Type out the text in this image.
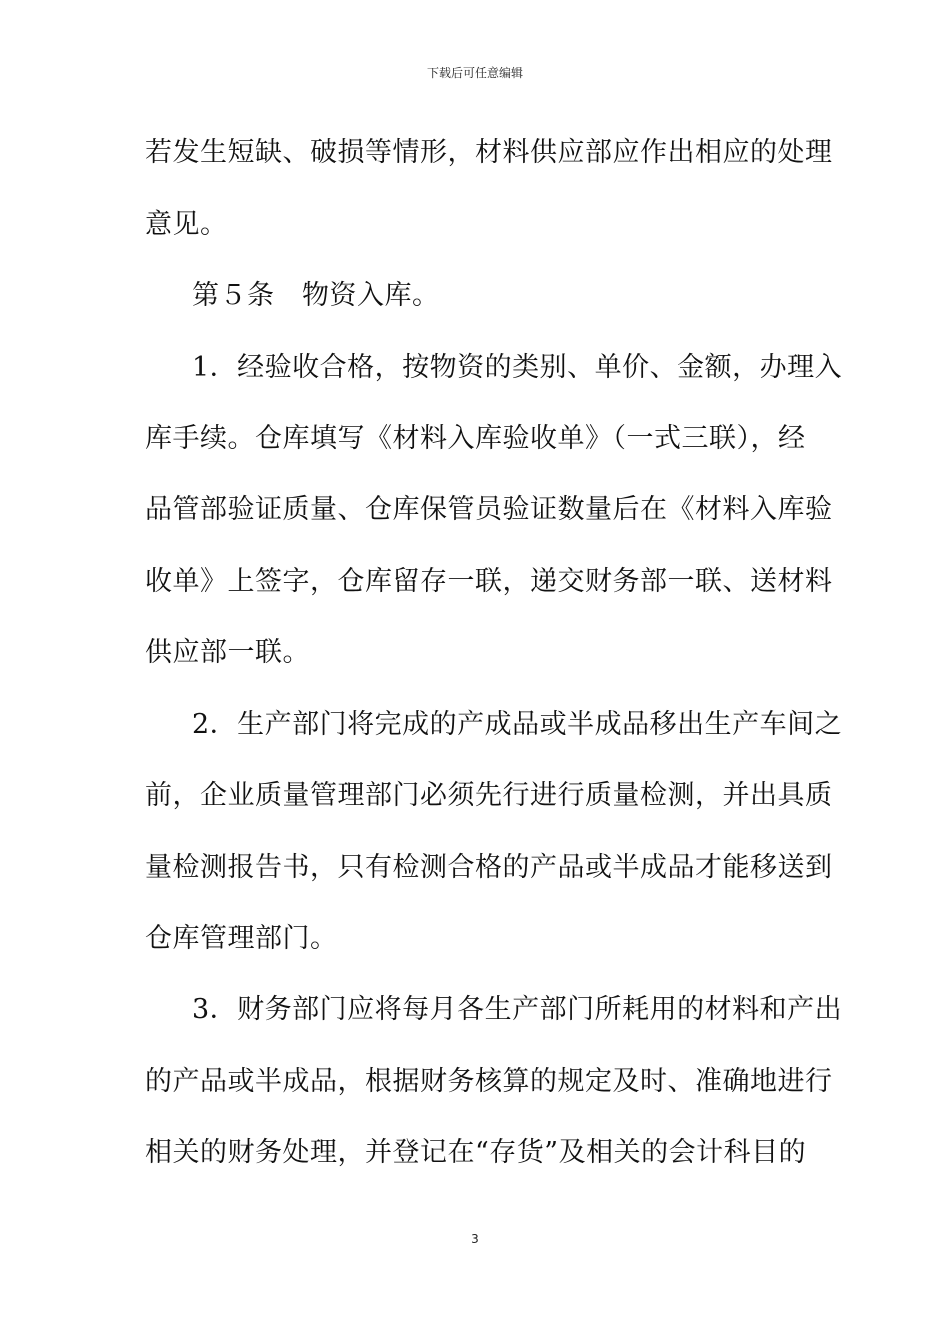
下载后可任意编辑
若发生短缺、破损等情形，材料供应部应作出相应的处理
意见。
第５条　物资入库。
1．经验收合格，按物资的类别、单价、金额，办理入
库手续。仓库填写《材料入库验收单》（一式三联），经
品管部验证质量、仓库保管员验证数量后在《材料入库验
收单》上签字，仓库留存一联，递交财务部一联、送材料
供应部一联。
2．生产部门将完成的产成品或半成品移出生产车间之
前，企业质量管理部门必须先行进行质量检测，并出具质
量检测报告书，只有检测合格的产品或半成品才能移送到
仓库管理部门。
3．财务部门应将每月各生产部门所耗用的材料和产出
的产品或半成品，根据财务核算的规定及时、准确地进行
相关的财务处理，并登记在“存货”及相关的会计科目的
3
